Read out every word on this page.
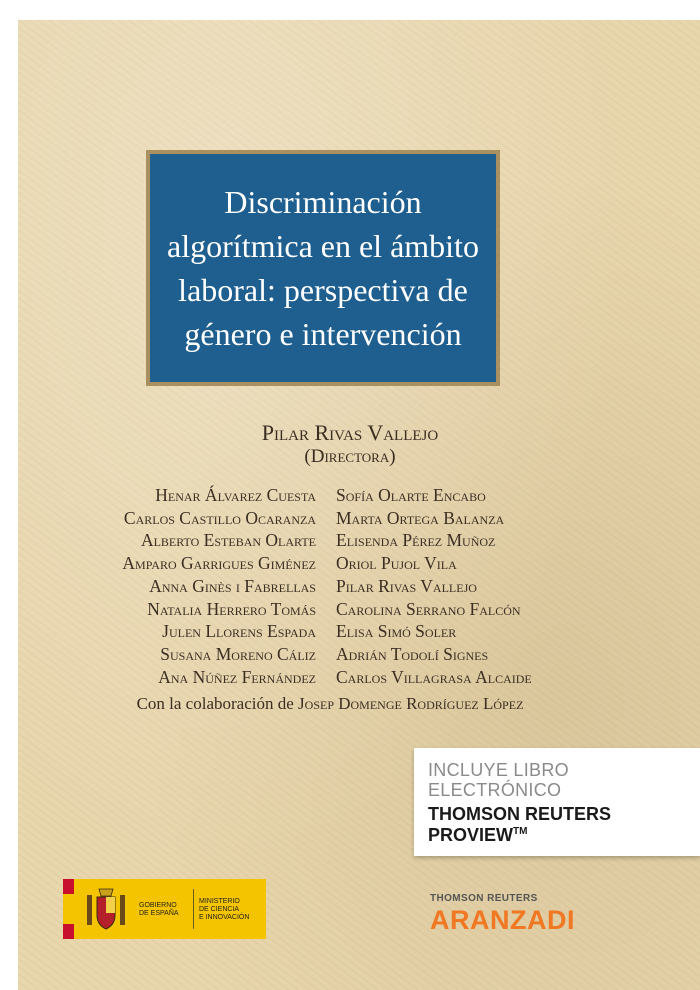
Discriminación algorítmica en el ámbito laboral: perspectiva de género e intervención
Pilar Rivas Vallejo
(Directora)
Henar Álvarez Cuesta
Carlos Castillo Ocaranza
Alberto Esteban Olarte
Amparo Garrigues Giménez
Anna Ginès i Fabrellas
Natalia Herrero Tomás
Julen Llorens Espada
Susana Moreno Cáliz
Ana Núñez Fernández
Sofía Olarte Encabo
Marta Ortega Balanza
Elisenda Pérez Muñoz
Oriol Pujol Vila
Pilar Rivas Vallejo
Carolina Serrano Falcón
Elisa Simó Soler
Adrián Todolí Signes
Carlos Villagrasa Alcaide
Con la colaboración de Josep Domenge Rodríguez López
INCLUYE LIBRO
ELECTRÓNICO
THOMSON REUTERS
PROVIEW™
GOBIERNO
DE ESPAÑA
MINISTERIO
DE CIENCIA
E INNOVACIÓN
THOMSON REUTERS
ARANZADI
